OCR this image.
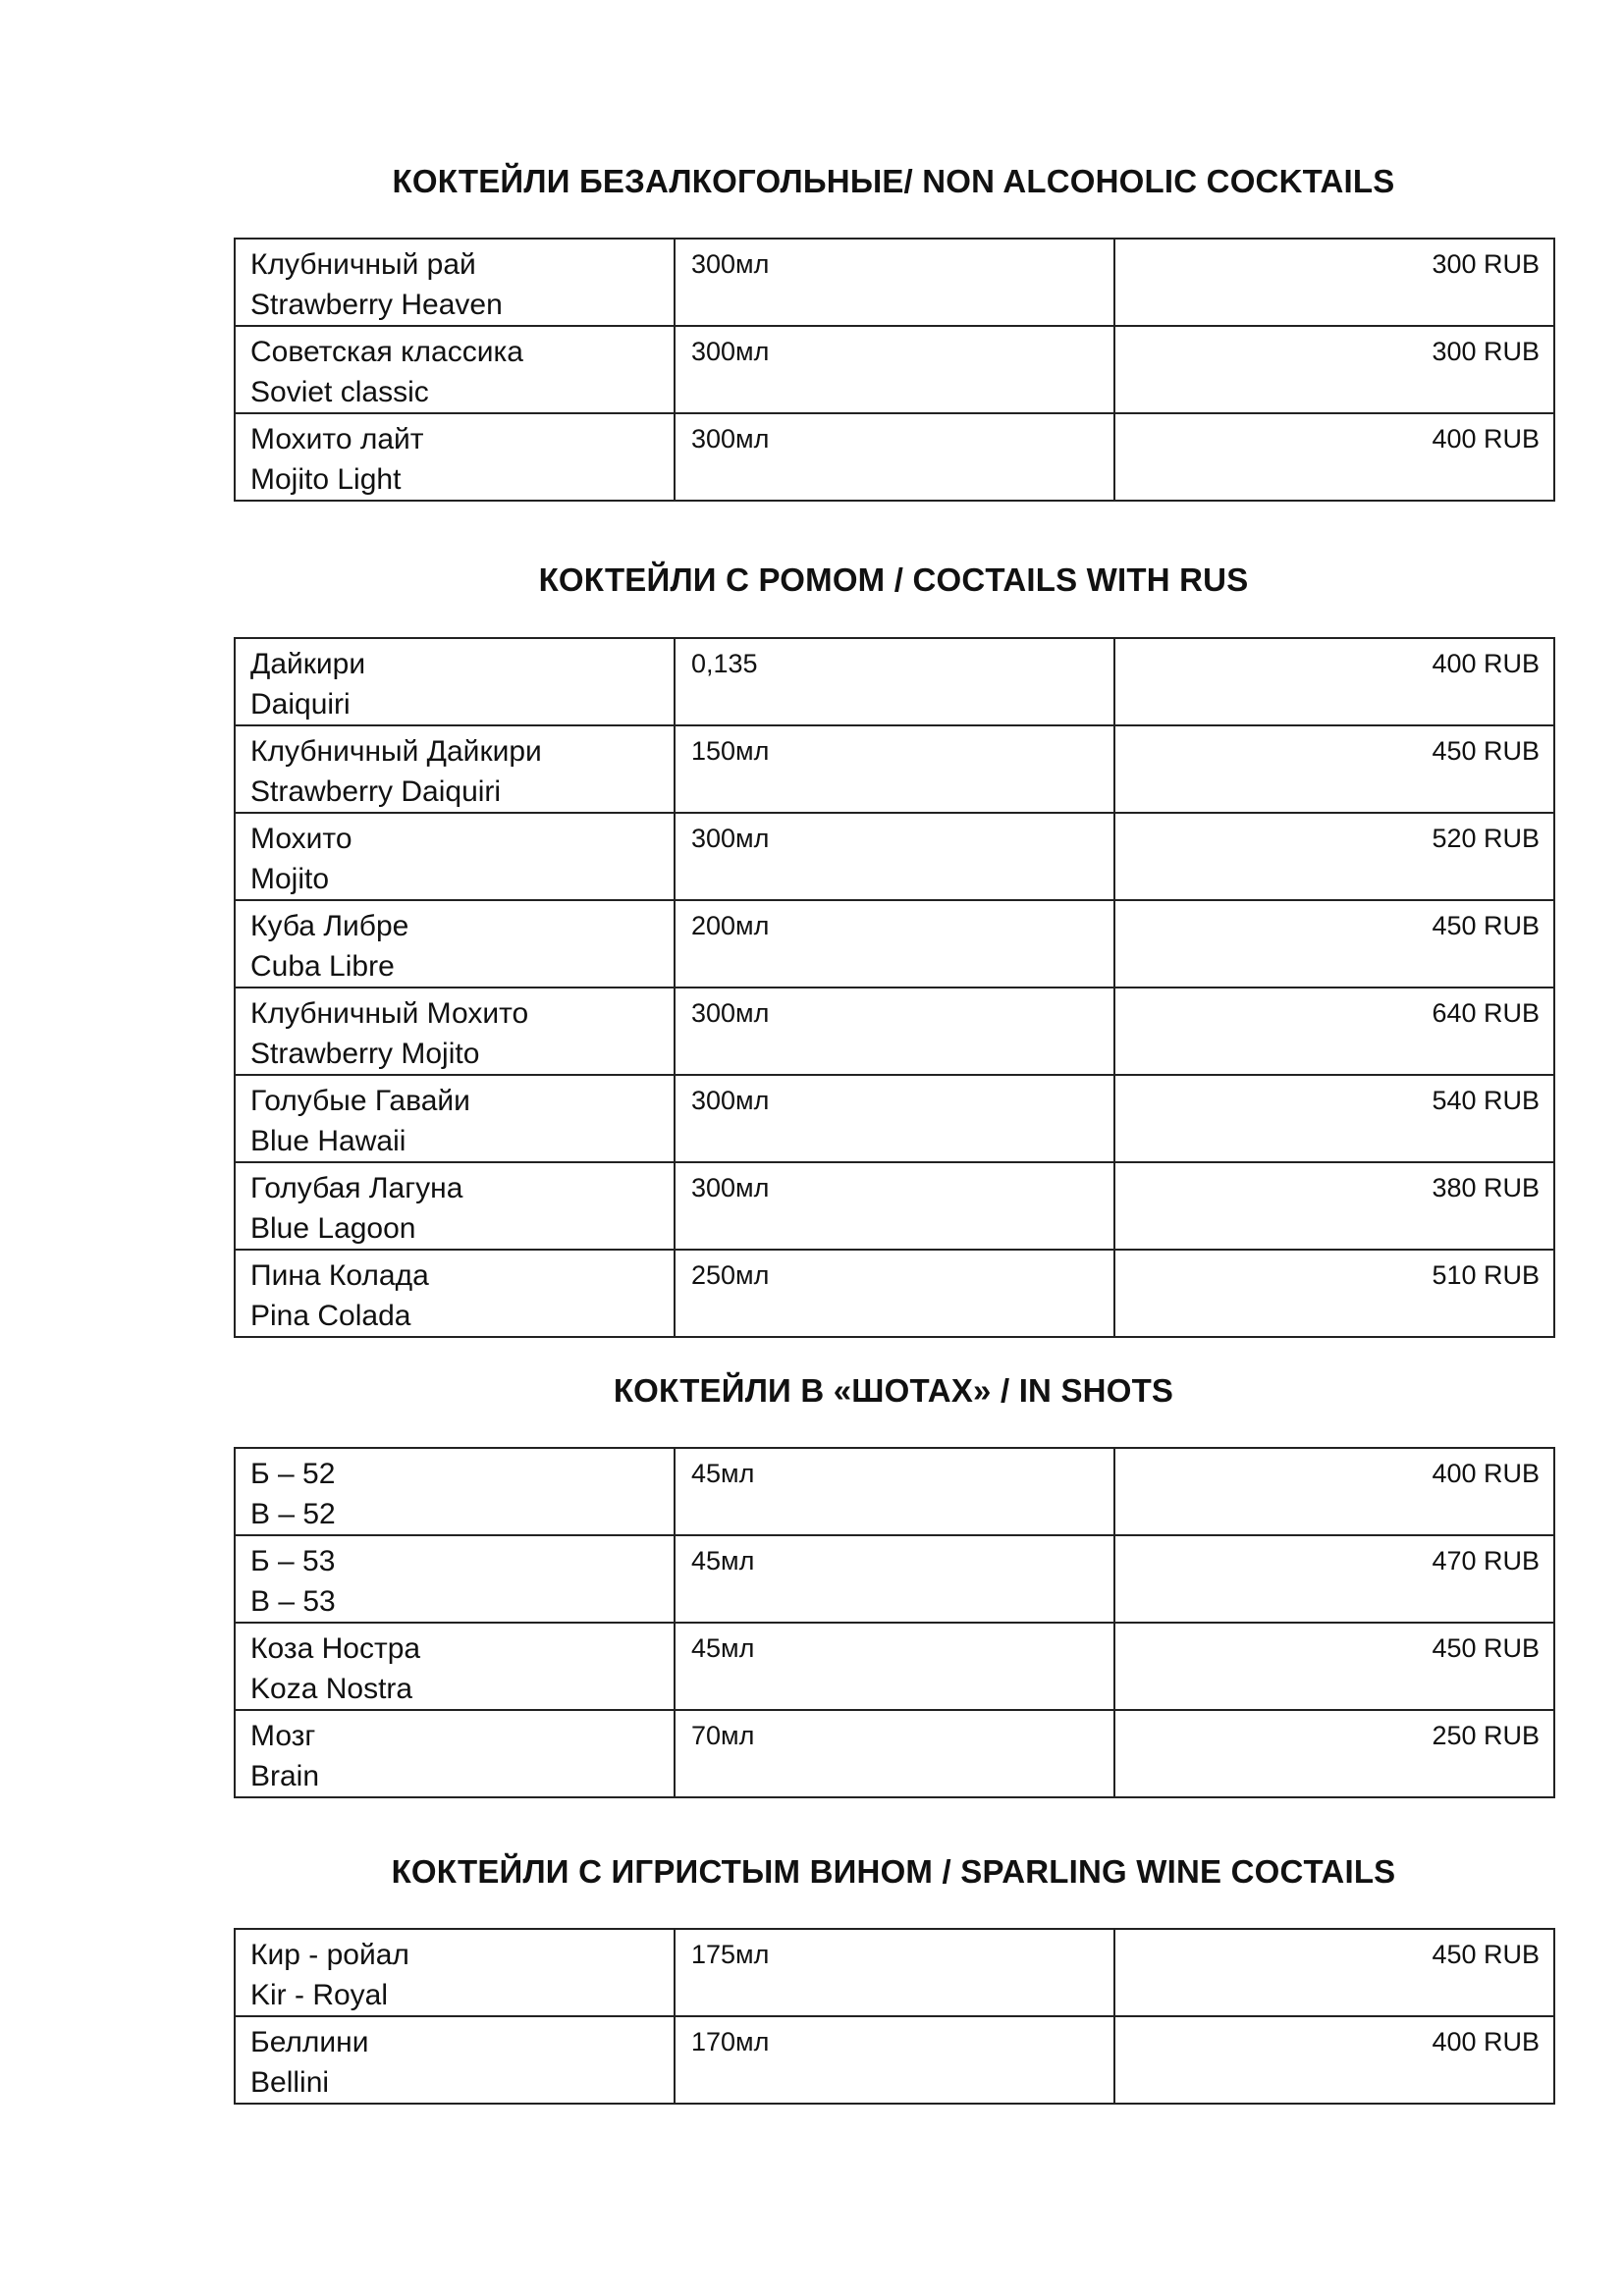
КОКТЕЙЛИ БЕЗАЛКОГОЛЬНЫЕ/ NON ALCOHOLIC COCKTAILS
Клубничный рай
Strawberry Heaven	300мл	300 RUB

Советская классика
Soviet classic	300мл	300 RUB

Мохито лайт
Mojito Light	300мл	400 RUB
КОКТЕЙЛИ С РОМОМ / COCTAILS WITH RUS
Дайкири
Daiquiri	0,135	400 RUB

Клубничный Дайкири
Strawberry Daiquiri	150мл	450 RUB

Мохито
Mojito	300мл	520 RUB

Куба Либре
Cuba Libre	200мл	450 RUB

Клубничный Мохито
Strawberry Mojito	300мл	640 RUB

Голубые Гавайи
Blue Hawaii	300мл	540 RUB

Голубая Лагуна
Blue Lagoon	300мл	380 RUB

Пина Колада
Pina Colada	250мл	510 RUB
КОКТЕЙЛИ В «ШОТАХ» / IN SHOTS
Б – 52
B – 52	45мл	400 RUB

Б – 53
B – 53	45мл	470 RUB

Коза Ностра
Koza Nostra	45мл	450 RUB

Мозг
Brain	70мл	250 RUB
КОКТЕЙЛИ С ИГРИСТЫМ ВИНОМ / SPARLING WINE COCTAILS
Кир - ройал
Kir - Royal	175мл	450 RUB

Беллини
Bellini	170мл	400 RUB
